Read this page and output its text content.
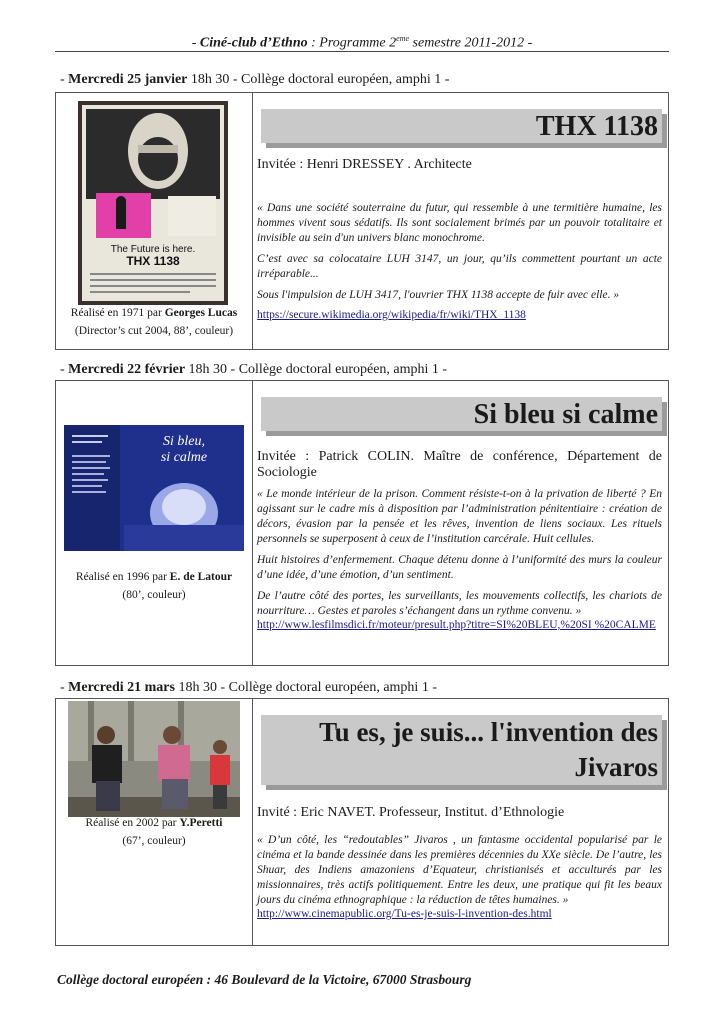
- Ciné-club d’Ethno : Programme 2eme semestre 2011-2012 -
- Mercredi 25 janvier 18h 30 - Collège doctoral européen, amphi 1 -
The Future is here.
THX 1138
Réalisé en 1971 par Georges Lucas
(Director’s cut 2004, 88’, couleur)
THX 1138
Invitée : Henri DRESSEY . Architecte

« Dans une société souterraine du futur, qui ressemble à une termitière humaine, les hommes vivent sous sédatifs. Ils sont socialement brimés par un pouvoir totalitaire et invisible au sein d'un univers blanc monochrome.

C’est avec sa colocataire LUH 3147, un jour, qu’ils commettent pourtant un acte irréparable...

Sous l'impulsion de LUH 3417, l'ouvrier THX 1138 accepte de fuir avec elle. »

https://secure.wikimedia.org/wikipedia/fr/wiki/THX_1138
- Mercredi 22 février 18h 30 - Collège doctoral européen, amphi 1 -
Si bleu,
si calme
Réalisé en 1996 par E. de Latour
(80’, couleur)
Si bleu si calme
Invitée : Patrick COLIN. Maître de conférence, Département de Sociologie

« Le monde intérieur de la prison. Comment résiste-t-on à la privation de liberté ? En agissant sur le cadre mis à disposition par l’administration pénitentiaire : création de décors, évasion par la pensée et les rêves, invention de liens sociaux. Les rituels personnels se superposent à ceux de l’institution carcérale. Huit cellules.

Huit histoires d’enfermement. Chaque détenu donne à l’uniformité des murs la couleur d’une idée, d’une émotion, d’un sentiment.

De l’autre côté des portes, les surveillants, les mouvements collectifs, les chariots de nourriture… Gestes et paroles s’échangent dans un rythme convenu. »

http://www.lesfilmsdici.fr/moteur/presult.php?titre=SI%20BLEU,%20SI %20CALME
- Mercredi 21 mars 18h 30 - Collège doctoral européen, amphi 1 -
Réalisé en 2002 par Y.Peretti
(67’, couleur)
Tu es, je suis... l'invention des Jivaros
Invité : Eric NAVET. Professeur, Institut. d’Ethnologie

« D’un côté, les “redoutables” Jivaros , un fantasme occidental popularisé par le cinéma et la bande dessinée dans les premières décennies du XXe siècle. De l’autre, les Shuar, des Indiens amazoniens d’Equateur, christianisés et acculturés par les missionnaires, très actifs politiquement. Entre les deux, une pratique qui fit les beaux jours du cinéma ethnographique : la réduction de têtes humaines. »

http://www.cinemapublic.org/Tu-es-je-suis-l-invention-des.html
Collège doctoral européen : 46 Boulevard de la Victoire, 67000 Strasbourg
